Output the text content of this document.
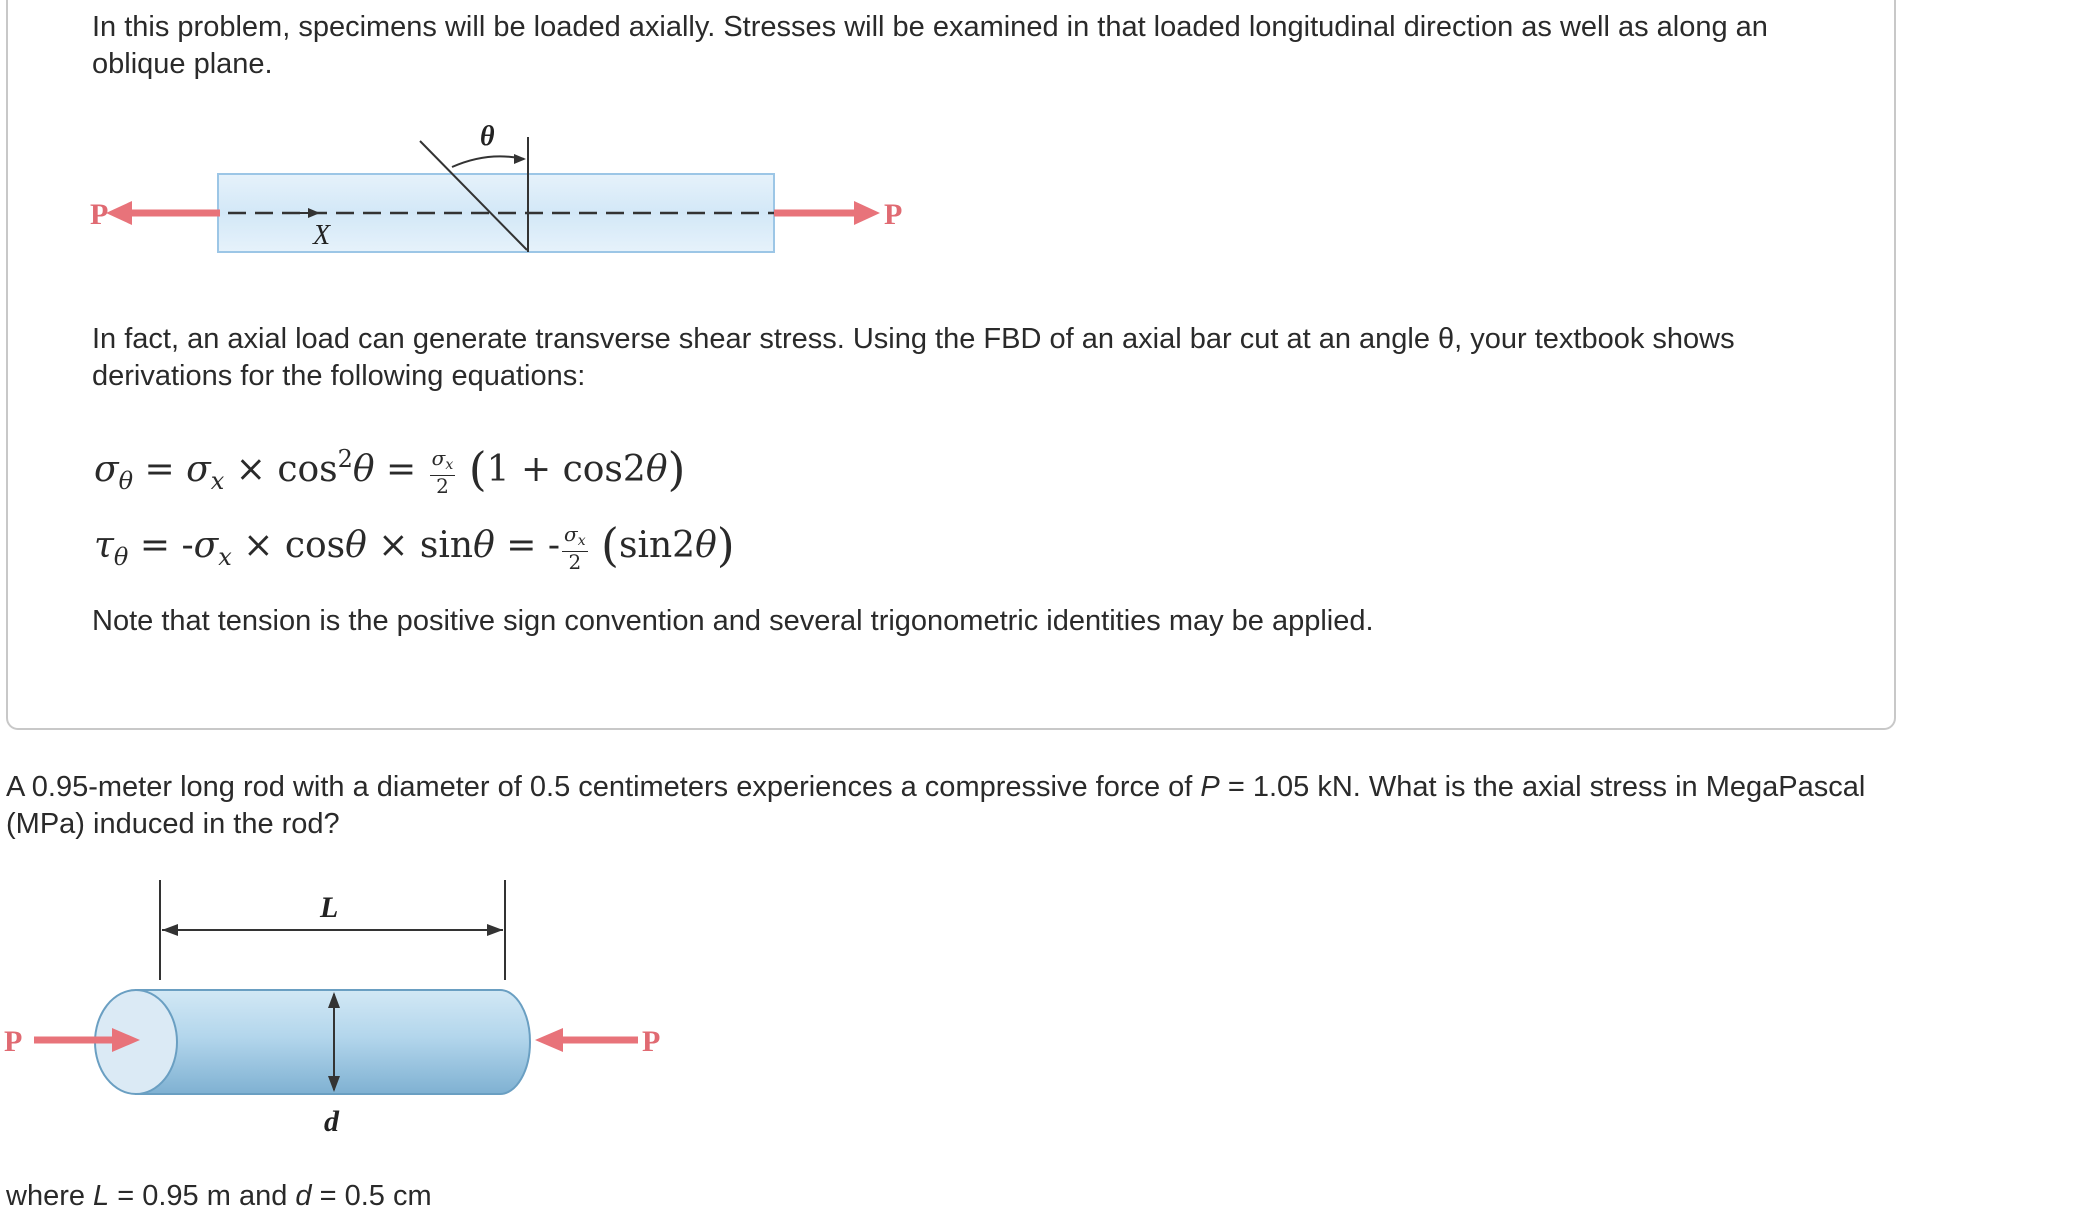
In this problem, specimens will be loaded axially. Stresses will be examined in that loaded longitudinal direction as well as along an oblique plane.

θ
X
P	P

In fact, an axial load can generate transverse shear stress. Using the FBD of an axial bar cut at an angle θ, your textbook shows derivations for the following equations:

$\sigma_\theta = \sigma_x \times \cos^2\theta = \frac{\sigma_x}{2} (1 + \cos 2\theta)$
$\tau_\theta = -\sigma_x \times \cos\theta \times \sin\theta$ = - $\frac{\sigma_x}{2} (\sin 2\theta)$

Note that tension is the positive sign convention and several trigonometric identities may be applied.

A 0.95-meter long rod with a diameter of 0.5 centimeters experiences a compressive force of P = 1.05 kN. What is the axial stress in MegaPascal (MPa) induced in the rod?

L
d
P	P

where L = 0.95 m and d = 0.5 cm
